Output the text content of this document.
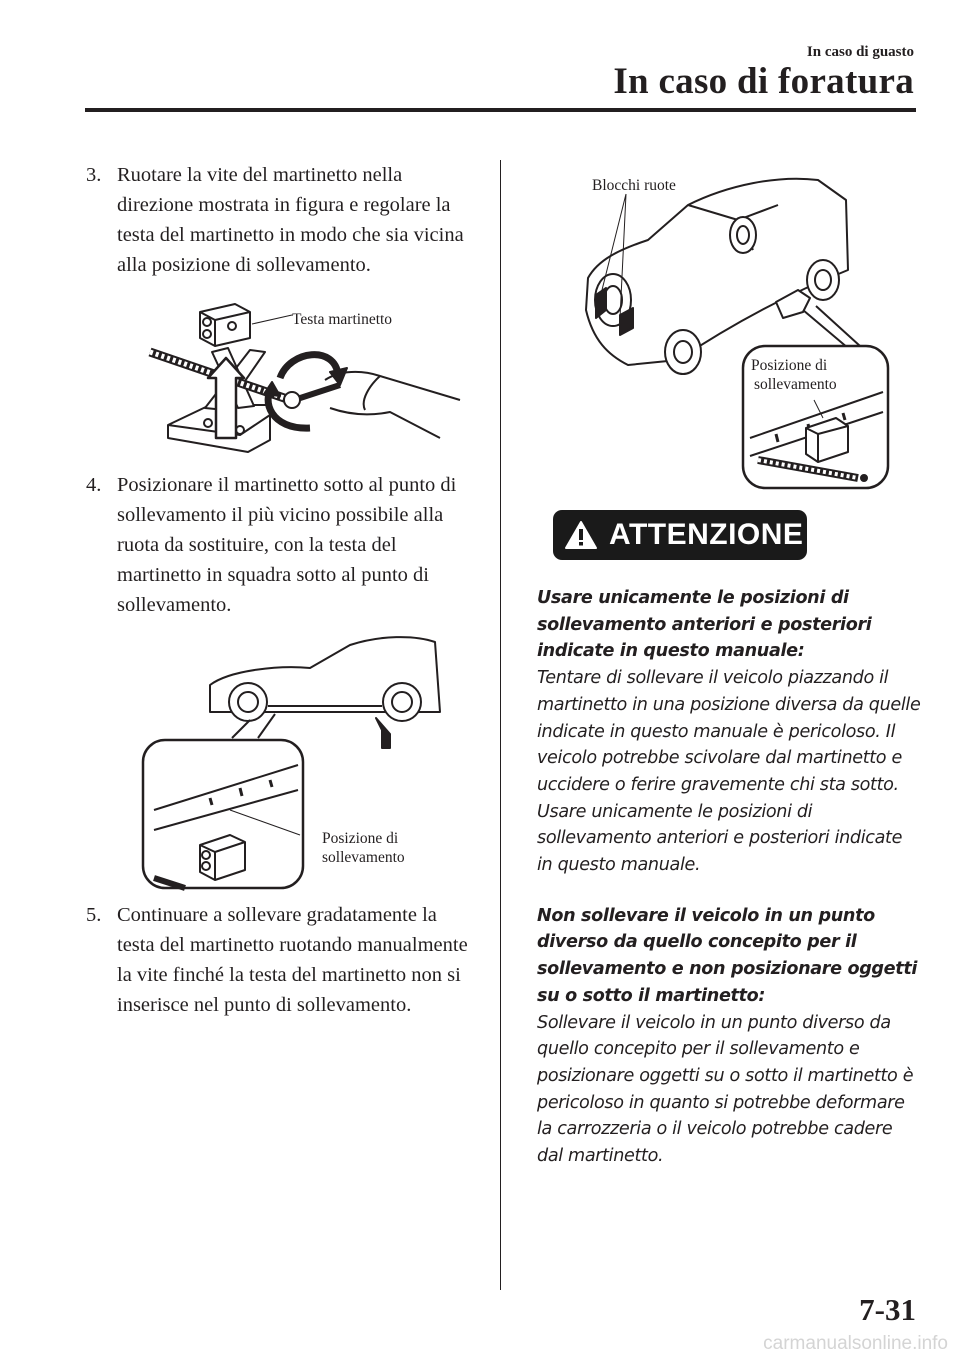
In caso di guasto
In caso di foratura
3. Ruotare la vite del martinetto nella direzione mostrata in figura e regolare la testa del martinetto in modo che sia vicina alla posizione di sollevamento.
Testa martinetto
4. Posizionare il martinetto sotto al punto di sollevamento il più vicino possibile alla ruota da sostituire, con la testa del martinetto in squadra sotto al punto di sollevamento.
Posizione di
sollevamento
5. Continuare a sollevare gradatamente la testa del martinetto ruotando manualmente la vite finché la testa del martinetto non si inserisce nel punto di sollevamento.
Blocchi ruote
Posizione di
sollevamento
ATTENZIONE
Usare unicamente le posizioni di sollevamento anteriori e posteriori indicate in questo manuale:
Tentare di sollevare il veicolo piazzando il martinetto in una posizione diversa da quelle indicate in questo manuale è pericoloso. Il veicolo potrebbe scivolare dal martinetto e uccidere o ferire gravemente chi sta sotto. Usare unicamente le posizioni di sollevamento anteriori e posteriori indicate in questo manuale.
Non sollevare il veicolo in un punto diverso da quello concepito per il sollevamento e non posizionare oggetti su o sotto il martinetto:
Sollevare il veicolo in un punto diverso da quello concepito per il sollevamento e posizionare oggetti su o sotto il martinetto è pericoloso in quanto si potrebbe deformare la carrozzeria o il veicolo potrebbe cadere dal martinetto.
7-31
carmanualsonline.info
